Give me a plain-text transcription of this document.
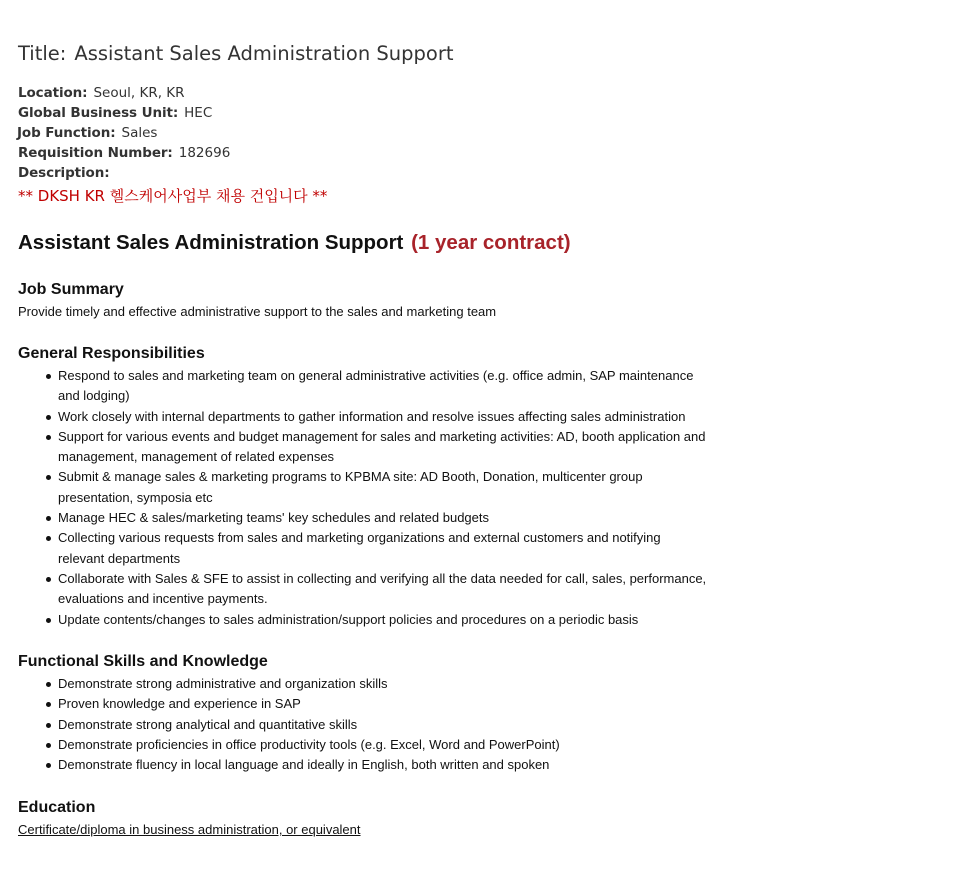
Title: Assistant Sales Administration Support
Location: Seoul, KR, KR
Global Business Unit: HEC
Job Function: Sales
Requisition Number: 182696
Description:
** DKSH KR 헬스케어사업부 채용 건입니다 **
Assistant Sales Administration Support (1 year contract)
Job Summary
Provide timely and effective administrative support to the sales and marketing team
General Responsibilities
Respond to sales and marketing team on general administrative activities (e.g. office admin, SAP maintenance and lodging)
Work closely with internal departments to gather information and resolve issues affecting sales administration
Support for various events and budget management for sales and marketing activities: AD, booth application and management, management of related expenses
Submit & manage sales & marketing programs to KPBMA site: AD Booth, Donation, multicenter group presentation, symposia etc
Manage HEC & sales/marketing teams' key schedules and related budgets
Collecting various requests from sales and marketing organizations and external customers and notifying relevant departments
Collaborate with Sales & SFE to assist in collecting and verifying all the data needed for call, sales, performance, evaluations and incentive payments.
Update contents/changes to sales administration/support policies and procedures on a periodic basis
Functional Skills and Knowledge
Demonstrate strong administrative and organization skills
Proven knowledge and experience in SAP
Demonstrate strong analytical and quantitative skills
Demonstrate proficiencies in office productivity tools (e.g. Excel, Word and PowerPoint)
Demonstrate fluency in local language and ideally in English, both written and spoken
Education
Certificate/diploma in business administration, or equivalent
